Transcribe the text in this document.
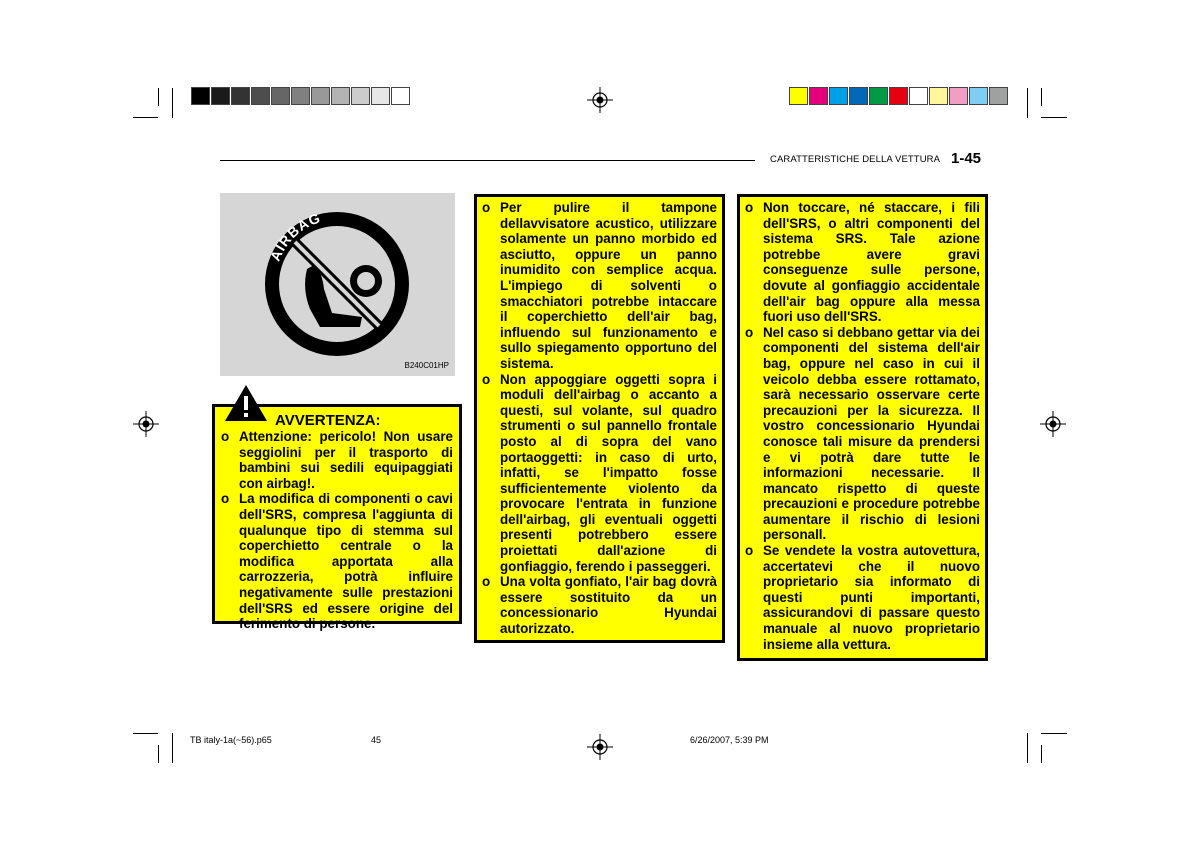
CARATTERISTICHE DELLA VETTURA 1-45
AIRBAG
B240C01HP
AVVERTENZA:
o Attenzione: pericolo! Non usare seggiolini per il trasporto di bambini sui sedili equipaggiati con airbag!.
o La modifica di componenti o cavi dell'SRS, compresa l'aggiunta di qualunque tipo di stemma sul coperchietto centrale o la modifica apportata alla carrozzeria, potrà influire negativamente sulle prestazioni dell'SRS ed essere origine del ferimento di persone.
o Per pulire il tampone dellavvisatore acustico, utilizzare solamente un panno morbido ed asciutto, oppure un panno inumidito con semplice acqua. L'impiego di solventi o smacchiatori potrebbe intaccare il coperchietto dell'air bag, influendo sul funzionamento e sullo spiegamento opportuno del sistema.
o Non appoggiare oggetti sopra i moduli dell'airbag o accanto a questi, sul volante, sul quadro strumenti o sul pannello frontale posto al di sopra del vano portaoggetti: in caso di urto, infatti, se l'impatto fosse sufficientemente violento da provocare l'entrata in funzione dell'airbag, gli eventuali oggetti presenti potrebbero essere proiettati dall'azione di gonfiaggio, ferendo i passeggeri.
o Una volta gonfiato, l'air bag dovrà essere sostituito da un concessionario Hyundai autorizzato.
o Non toccare, né staccare, i fili dell'SRS, o altri componenti del sistema SRS. Tale azione potrebbe avere gravi conseguenze sulle persone, dovute al gonfiaggio accidentale dell'air bag oppure alla messa fuori uso dell'SRS.
o Nel caso si debbano gettar via dei componenti del sistema dell'air bag, oppure nel caso in cui il veicolo debba essere rottamato, sarà necessario osservare certe precauzioni per la sicurezza. Il vostro concessionario Hyundai conosce tali misure da prendersi e vi potrà dare tutte le informazioni necessarie. Il mancato rispetto di queste precauzioni e procedure potrebbe aumentare il rischio di lesioni personall.
o Se vendete la vostra autovettura, accertatevi che il nuovo proprietario sia informato di questi punti importanti, assicurandovi di passare questo manuale al nuovo proprietario insieme alla vettura.
TB italy-1a(~56).p65	45	6/26/2007, 5:39 PM
